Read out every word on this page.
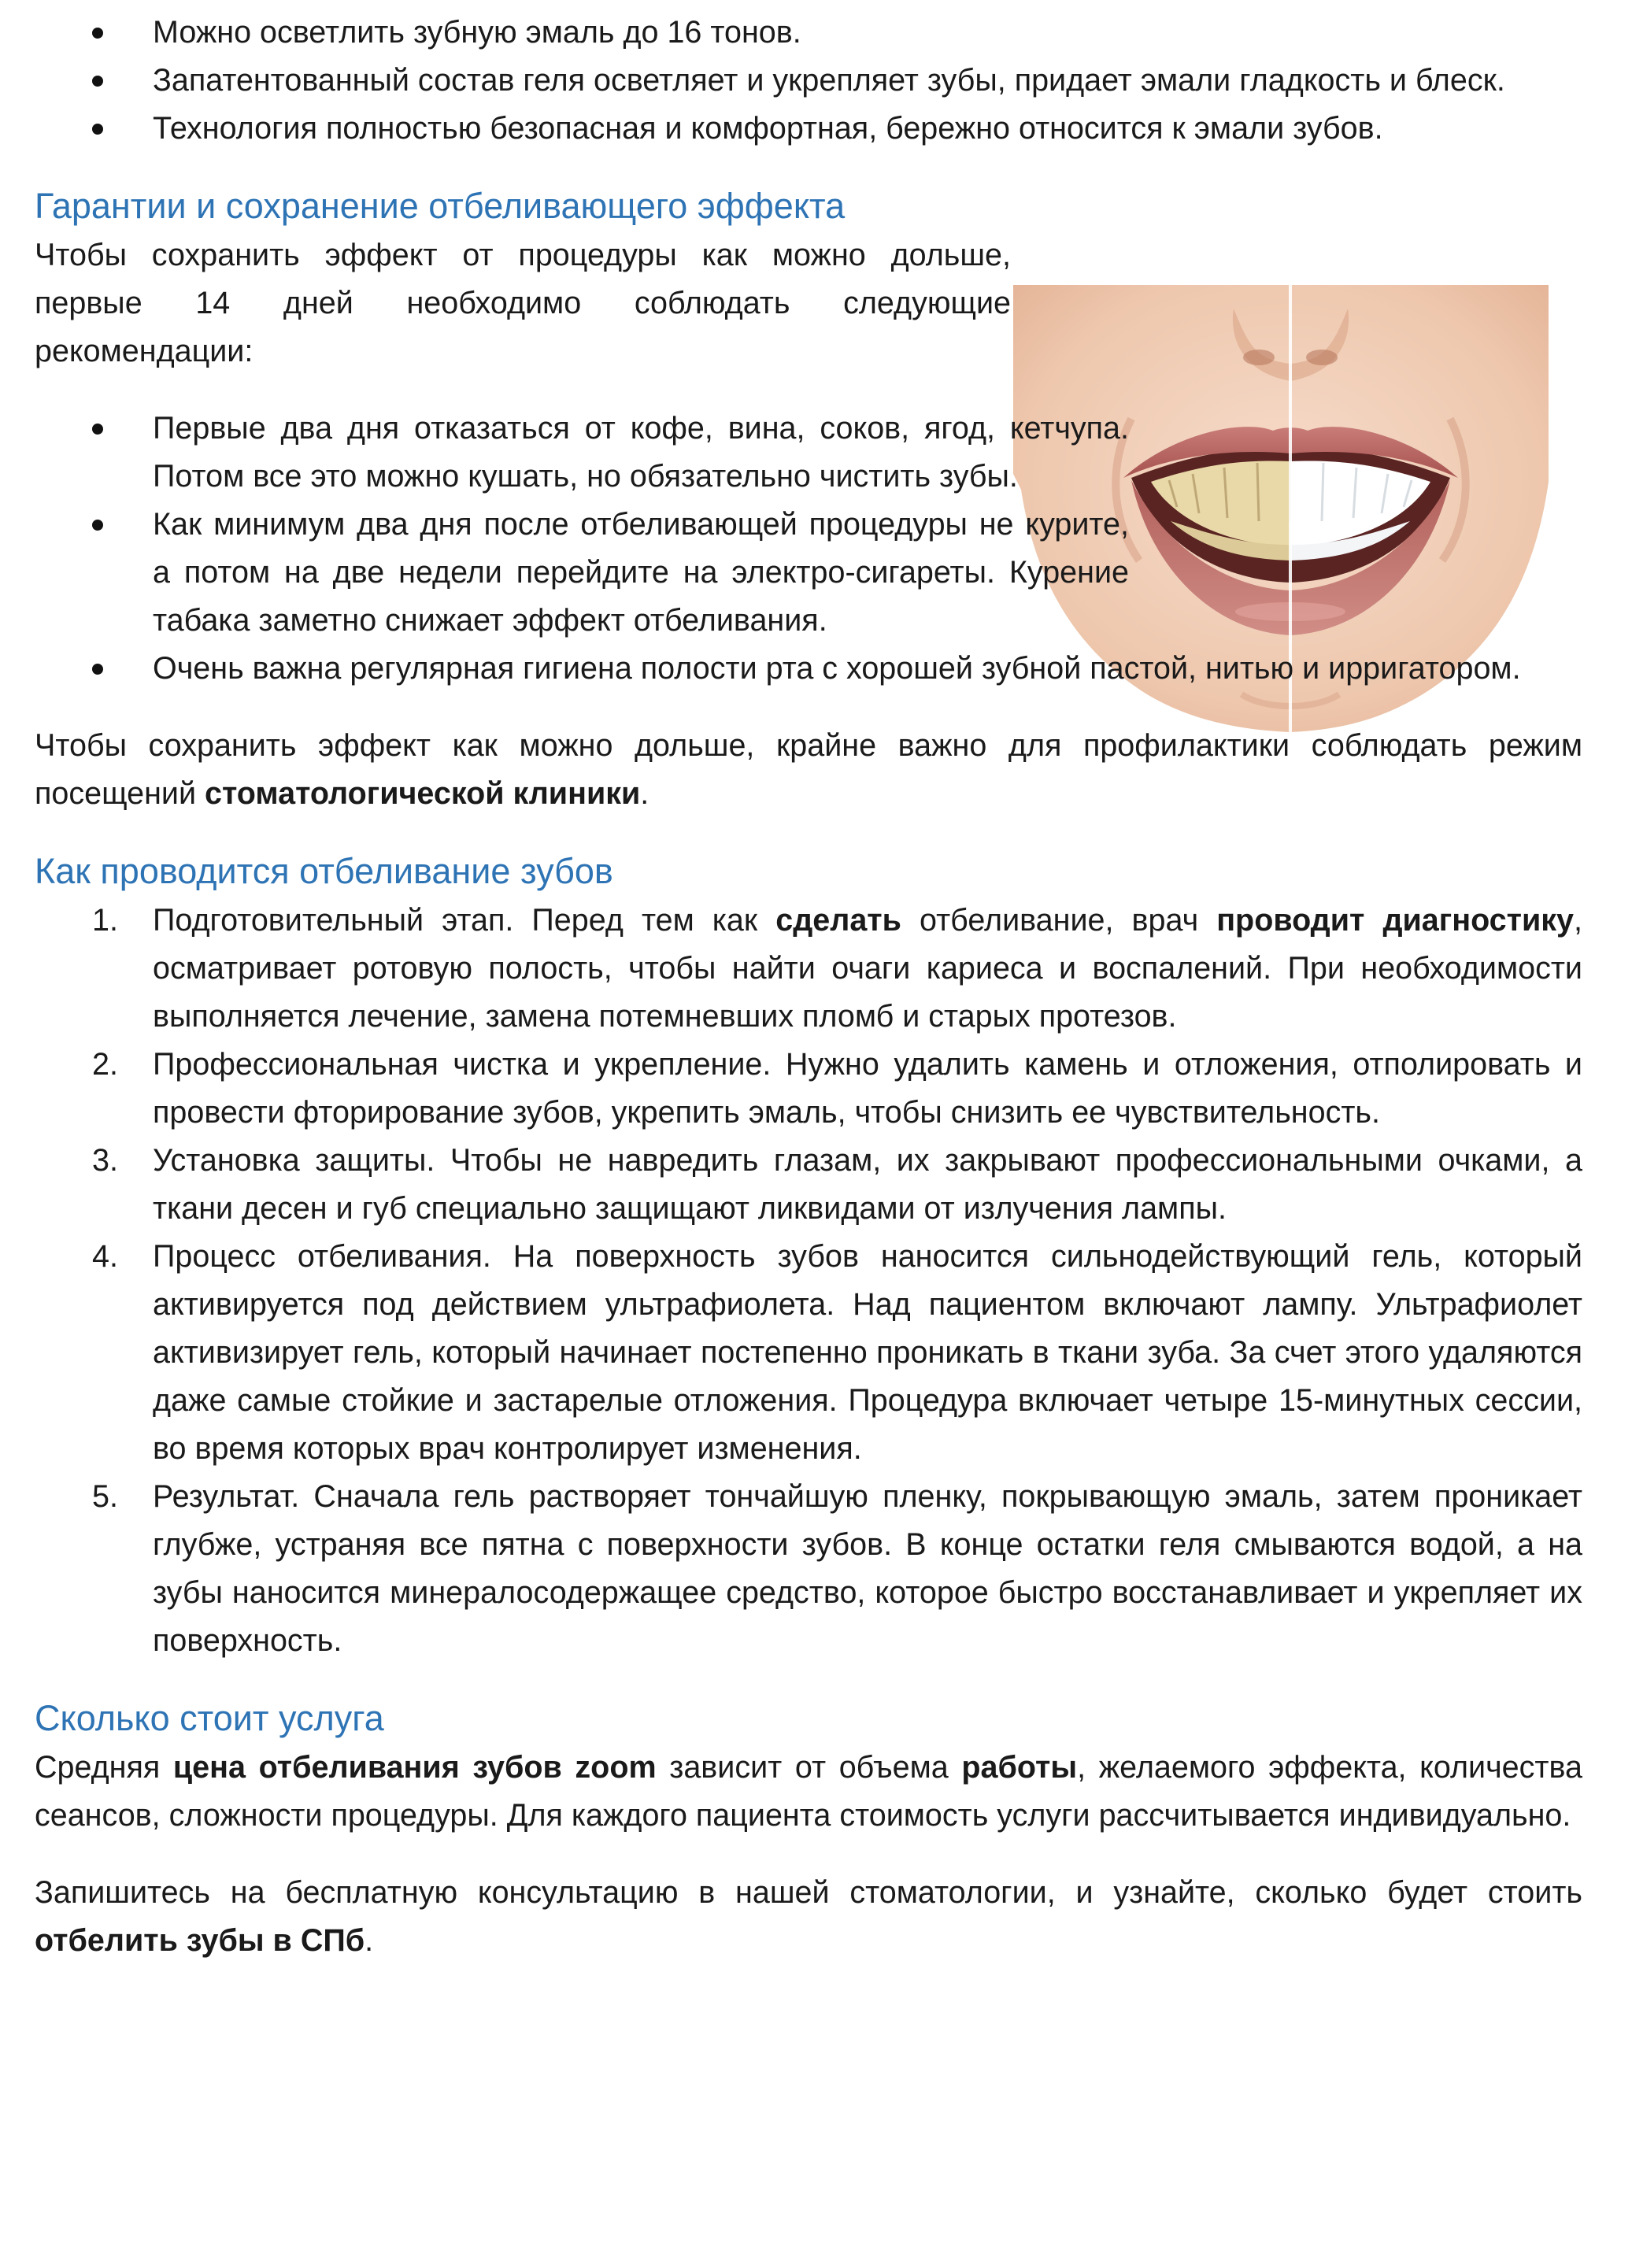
Можно осветлить зубную эмаль до 16 тонов.
Запатентованный состав геля осветляет и укрепляет зубы, придает эмали гладкость и блеск.
Технология полностью безопасная и комфортная, бережно относится к эмали зубов.
Гарантии и сохранение отбеливающего эффекта

Чтобы сохранить эффект от процедуры как можно дольше, первые 14 дней необходимо соблюдать следующие рекомендации:

Первые два дня отказаться от кофе, вина, соков, ягод, кетчупа. Потом все это можно кушать, но обязательно чистить зубы.
Как минимум два дня после отбеливающей процедуры не курите, а потом на две недели перейдите на электро-сигареты. Курение табака заметно снижает эффект отбеливания.
Очень важна регулярная гигиена полости рта с хорошей зубной пастой, нитью и ирригатором.

Чтобы сохранить эффект как можно дольше, крайне важно для профилактики соблюдать режим посещений стоматологической клиники.

Как проводится отбеливание зубов
1.	Подготовительный этап. Перед тем как сделать отбеливание, врач проводит диагностику, осматривает ротовую полость, чтобы найти очаги кариеса и воспалений. При необходимости выполняется лечение, замена потемневших пломб и старых протезов.
2.	Профессиональная чистка и укрепление. Нужно удалить камень и отложения, отполировать и провести фторирование зубов, укрепить эмаль, чтобы снизить ее чувствительность.
3.	Установка защиты. Чтобы не навредить глазам, их закрывают профессиональными очками, а ткани десен и губ специально защищают ликвидами от излучения лампы.
4.	Процесс отбеливания. На поверхность зубов наносится сильнодействующий гель, который активируется под действием ультрафиолета. Над пациентом включают лампу. Ультрафиолет активизирует гель, который начинает постепенно проникать в ткани зуба. За счет этого удаляются даже самые стойкие и застарелые отложения. Процедура включает четыре 15-минутных сессии, во время которых врач контролирует изменения.
5.	Результат. Сначала гель растворяет тончайшую пленку, покрывающую эмаль, затем проникает глубже, устраняя все пятна с поверхности зубов. В конце остатки геля смываются водой, а на зубы наносится минералосодержащее средство, которое быстро восстанавливает и укрепляет их поверхность.
Сколько стоит услуга

Средняя цена отбеливания зубов zoom зависит от объема работы, желаемого эффекта, количества сеансов, сложности процедуры. Для каждого пациента стоимость услуги рассчитывается индивидуально.

Запишитесь на бесплатную консультацию в нашей стоматологии, и узнайте, сколько будет стоить отбелить зубы в СПб.
